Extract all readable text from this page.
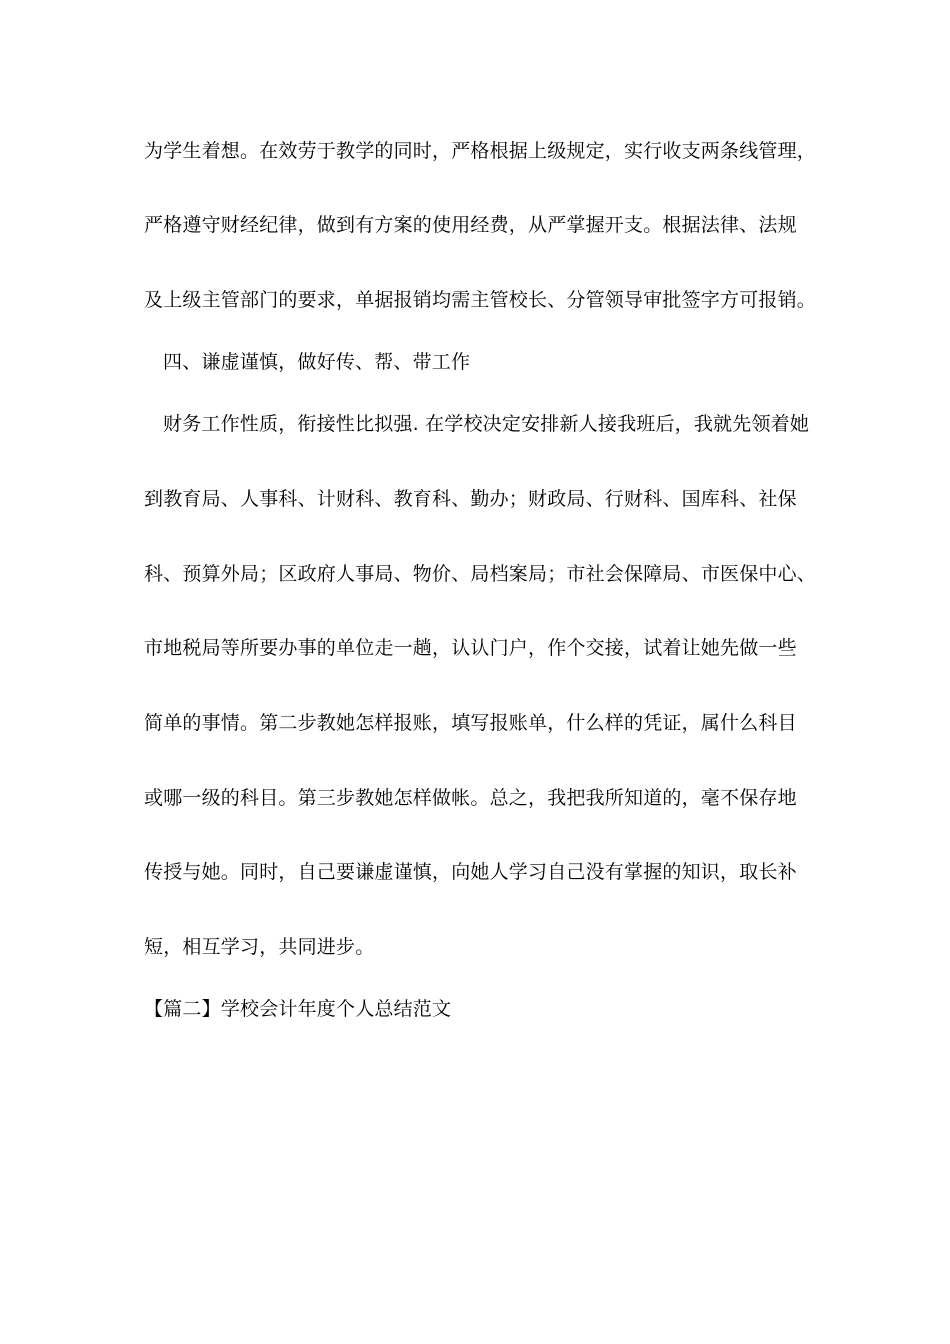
为学生着想。在效劳于教学的同时，严格根据上级规定，实行收支两条线管理，
严格遵守财经纪律，做到有方案的使用经费，从严掌握开支。根据法律、法规
及上级主管部门的要求，单据报销均需主管校长、分管领导审批签字方可报销。
四、谦虚谨慎，做好传、帮、带工作
财务工作性质，衔接性比拟强. 在学校决定安排新人接我班后，我就先领着她
到教育局、人事科、计财科、教育科、勤办；财政局、行财科、国库科、社保
科、预算外局；区政府人事局、物价、局档案局；市社会保障局、市医保中心、
市地税局等所要办事的单位走一趟，认认门户，作个交接，试着让她先做一些
简单的事情。第二步教她怎样报账，填写报账单，什么样的凭证，属什么科目
或哪一级的科目。第三步教她怎样做帐。总之，我把我所知道的，毫不保存地
传授与她。同时，自己要谦虚谨慎，向她人学习自己没有掌握的知识，取长补
短，相互学习，共同进步。
【篇二】学校会计年度个人总结范文
